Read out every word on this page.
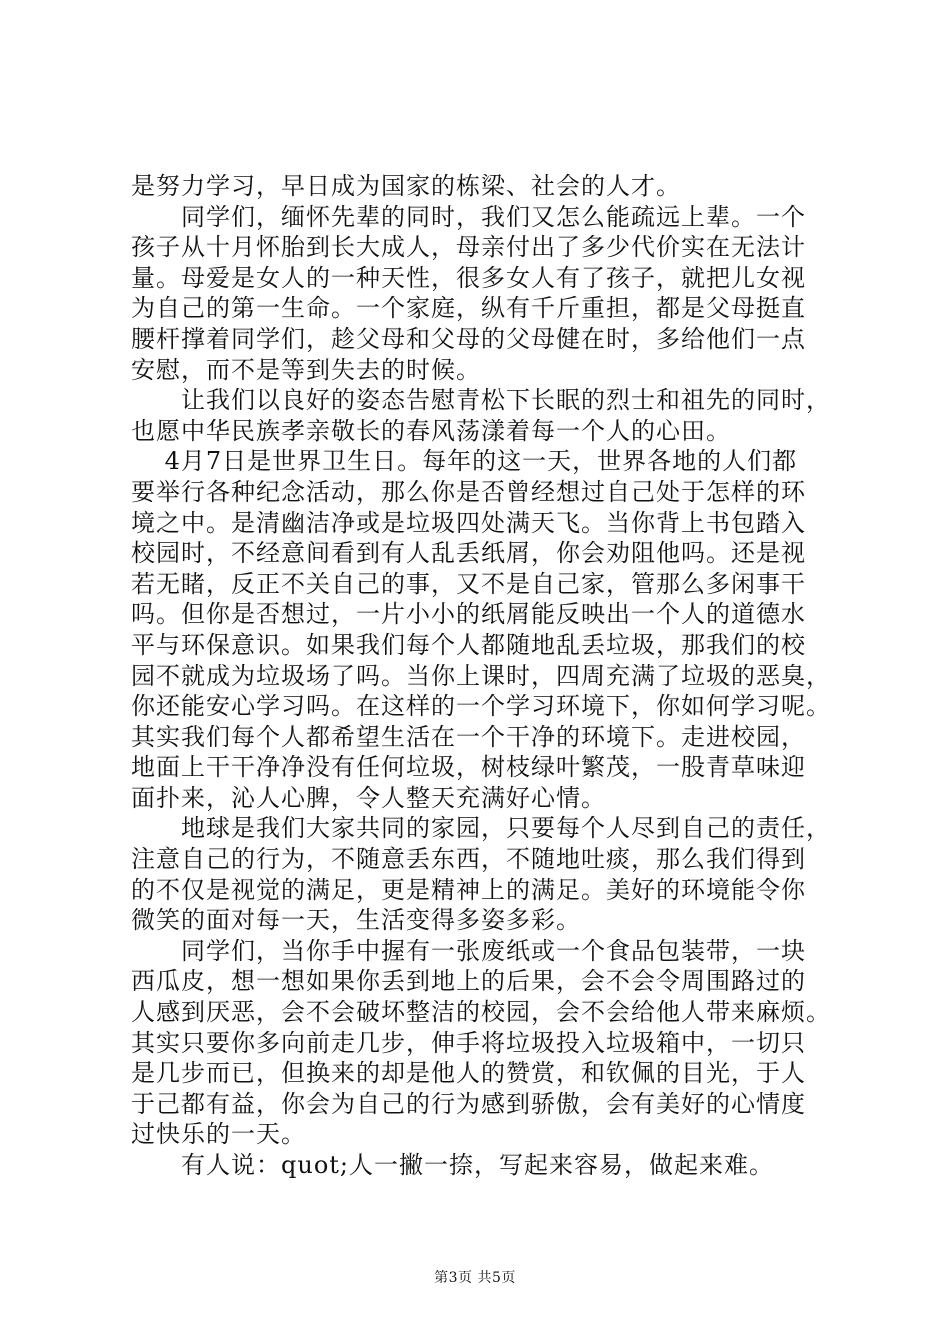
是努力学习，早日成为国家的栋梁、社会的人才。
　　同学们，缅怀先辈的同时，我们又怎么能疏远上辈。一个
孩子从十月怀胎到长大成人，母亲付出了多少代价实在无法计
量。母爱是女人的一种天性，很多女人有了孩子，就把儿女视
为自己的第一生命。一个家庭，纵有千斤重担，都是父母挺直
腰杆撑着同学们，趁父母和父母的父母健在时，多给他们一点
安慰，而不是等到失去的时候。
　　让我们以良好的姿态告慰青松下长眠的烈士和祖先的同时，
也愿中华民族孝亲敬长的春风荡漾着每一个人的心田。
　 4月7日是世界卫生日。每年的这一天，世界各地的人们都
要举行各种纪念活动，那么你是否曾经想过自己处于怎样的环
境之中。是清幽洁净或是垃圾四处满天飞。当你背上书包踏入
校园时，不经意间看到有人乱丢纸屑，你会劝阻他吗。还是视
若无睹，反正不关自己的事，又不是自己家，管那么多闲事干
吗。但你是否想过，一片小小的纸屑能反映出一个人的道德水
平与环保意识。如果我们每个人都随地乱丢垃圾，那我们的校
园不就成为垃圾场了吗。当你上课时，四周充满了垃圾的恶臭，
你还能安心学习吗。在这样的一个学习环境下，你如何学习呢。
其实我们每个人都希望生活在一个干净的环境下。走进校园，
地面上干干净净没有任何垃圾，树枝绿叶繁茂，一股青草味迎
面扑来，沁人心脾，令人整天充满好心情。
　　地球是我们大家共同的家园，只要每个人尽到自己的责任，
注意自己的行为，不随意丢东西，不随地吐痰，那么我们得到
的不仅是视觉的满足，更是精神上的满足。美好的环境能令你
微笑的面对每一天，生活变得多姿多彩。
　　同学们，当你手中握有一张废纸或一个食品包装带，一块
西瓜皮，想一想如果你丢到地上的后果，会不会令周围路过的
人感到厌恶，会不会破坏整洁的校园，会不会给他人带来麻烦。
其实只要你多向前走几步，伸手将垃圾投入垃圾箱中，一切只
是几步而已，但换来的却是他人的赞赏，和钦佩的目光，于人
于己都有益，你会为自己的行为感到骄傲，会有美好的心情度
过快乐的一天。
　　有人说：quot;人一撇一捺，写起来容易，做起来难。
第3页 共5页
